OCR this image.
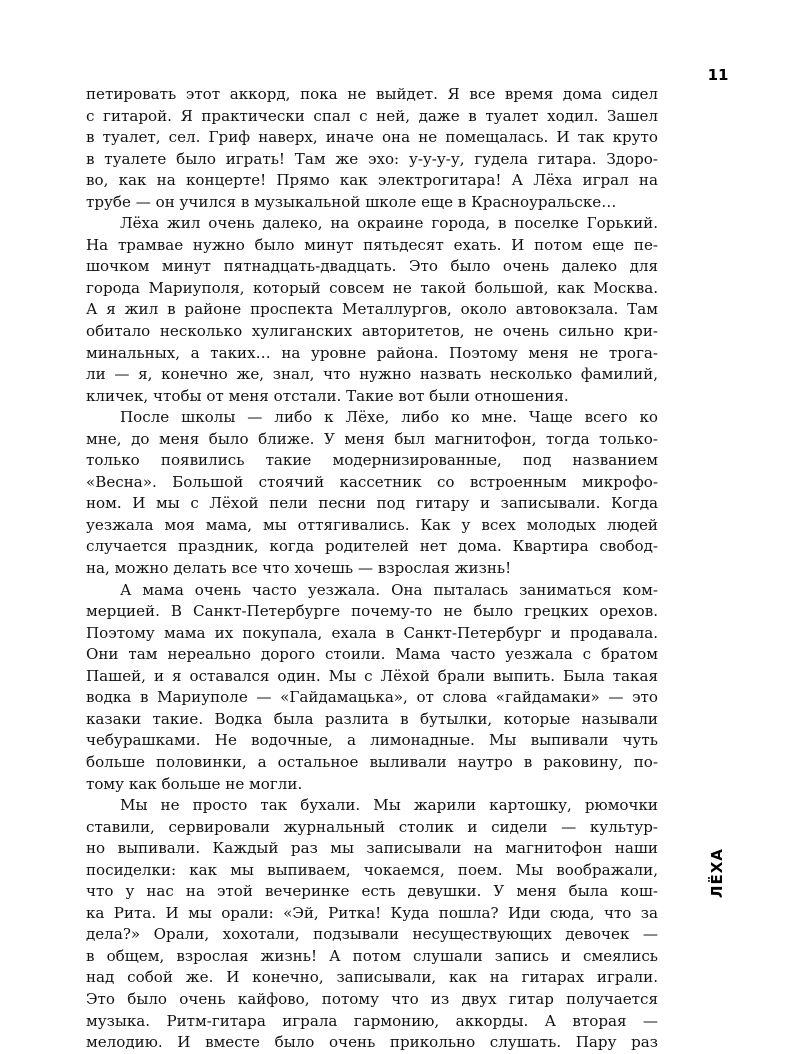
11
ЛЁХА
петировать этот аккорд, пока не выйдет. Я все время дома сидел
с гитарой. Я практически спал с ней, даже в туалет ходил. Зашел
в туалет, сел. Гриф наверх, иначе она не помещалась. И так круто
в туалете было играть! Там же эхо: у-у-у-у, гудела гитара. Здоро-
во, как на концерте! Прямо как электрогитара! А Лёха играл на
трубе — он учился в музыкальной школе еще в Красноуральске…
Лёха жил очень далеко, на окраине города, в поселке Горький.
На трамвае нужно было минут пятьдесят ехать. И потом еще пе-
шочком минут пятнадцать-двадцать. Это было очень далеко для
города Мариуполя, который совсем не такой большой, как Москва.
А я жил в районе проспекта Металлургов, около автовокзала. Там
обитало несколько хулиганских авторитетов, не очень сильно кри-
минальных, а таких… на уровне района. Поэтому меня не трога-
ли — я, конечно же, знал, что нужно назвать несколько фамилий,
кличек, чтобы от меня отстали. Такие вот были отношения.
После школы — либо к Лёхе, либо ко мне. Чаще всего ко
мне, до меня было ближе. У меня был магнитофон, тогда только-
только появились такие модернизированные, под названием
«Весна». Большой стоячий кассетник со встроенным микрофо-
ном. И мы с Лёхой пели песни под гитару и записывали. Когда
уезжала моя мама, мы оттягивались. Как у всех молодых людей
случается праздник, когда родителей нет дома. Квартира свобод-
на, можно делать все что хочешь — взрослая жизнь!
А мама очень часто уезжала. Она пыталась заниматься ком-
мерцией. В Санкт-Петербурге почему-то не было грецких орехов.
Поэтому мама их покупала, ехала в Санкт-Петербург и продавала.
Они там нереально дорого стоили. Мама часто уезжала с братом
Пашей, и я оставался один. Мы с Лёхой брали выпить. Была такая
водка в Мариуполе — «Гайдамацька», от слова «гайдамаки» — это
казаки такие. Водка была разлита в бутылки, которые называли
чебурашками. Не водочные, а лимонадные. Мы выпивали чуть
больше половинки, а остальное выливали наутро в раковину, по-
тому как больше не могли.
Мы не просто так бухали. Мы жарили картошку, рюмочки
ставили, сервировали журнальный столик и сидели — культур-
но выпивали. Каждый раз мы записывали на магнитофон наши
посиделки: как мы выпиваем, чокаемся, поем. Мы воображали,
что у нас на этой вечеринке есть девушки. У меня была кош-
ка Рита. И мы орали: «Эй, Ритка! Куда пошла? Иди сюда, что за
дела?» Орали, хохотали, подзывали несуществующих девочек —
в общем, взрослая жизнь! А потом слушали запись и смеялись
над собой же. И конечно, записывали, как на гитарах играли.
Это было очень кайфово, потому что из двух гитар получается
музыка. Ритм-гитара играла гармонию, аккорды. А вторая —
мелодию. И вместе было очень прикольно слушать. Пару раз
